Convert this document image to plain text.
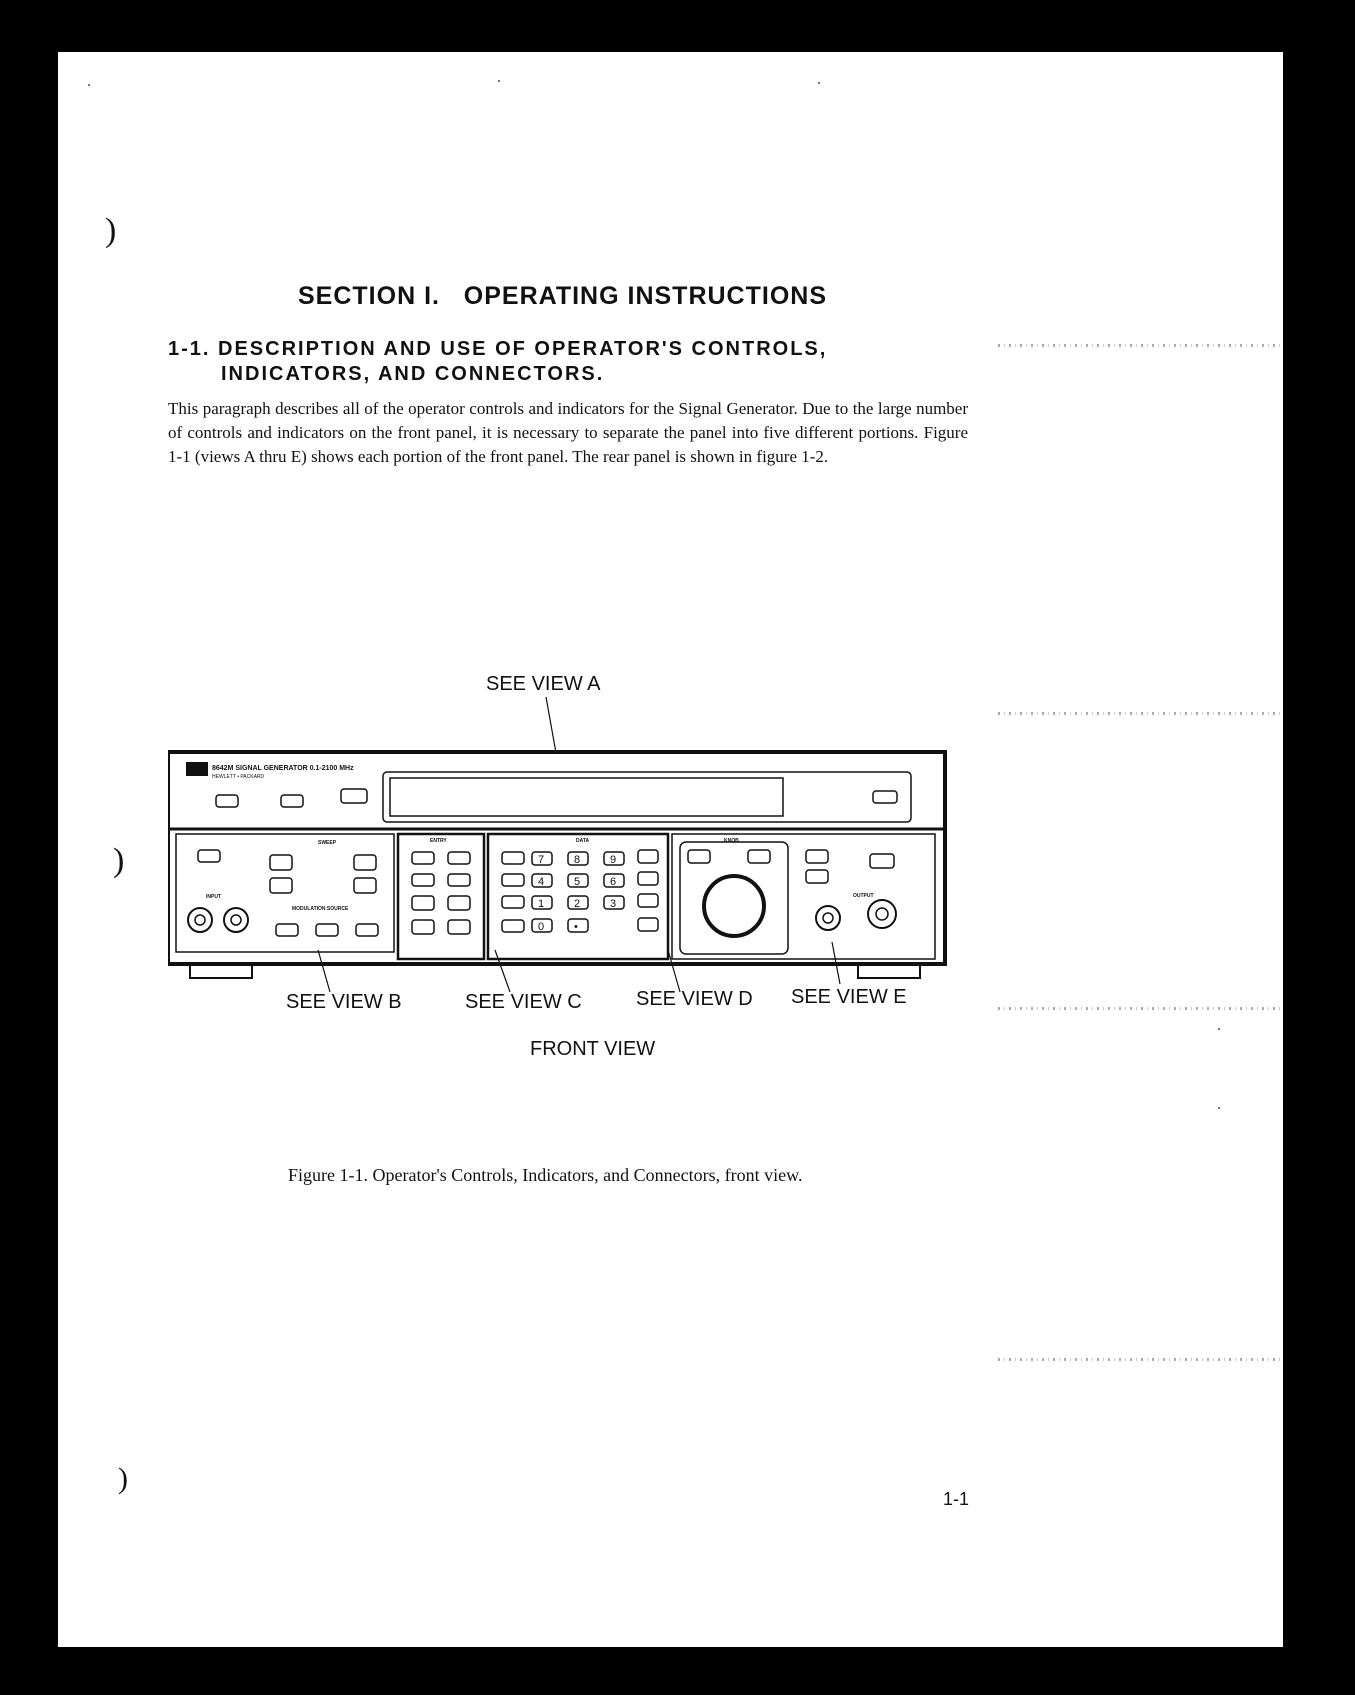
)
)
)
SECTION I.   OPERATING INSTRUCTIONS
1-1. DESCRIPTION AND USE OF OPERATOR'S CONTROLS,
INDICATORS, AND CONNECTORS.
This paragraph describes all of the operator controls and indicators for the Signal Generator. Due to the large number of controls and indicators on the front panel, it is necessary to separate the panel into five different portions. Figure 1-1 (views A thru E) shows each portion of the front panel. The rear panel is shown in figure 1-2.
SEE VIEW A
8642M SIGNAL GENERATOR 0.1-2100 MHz
HEWLETT • PACKARD
SWEEP
INPUT
MODULATION SOURCE
ENTRY	DATA
7	8	9
4	5	6
1	2	3
0	•
KNOB
OUTPUT
SEE VIEW B	SEE VIEW C	SEE VIEW D SEE VIEW E
FRONT VIEW
Figure 1-1. Operator's Controls, Indicators, and Connectors, front view.
1-1
